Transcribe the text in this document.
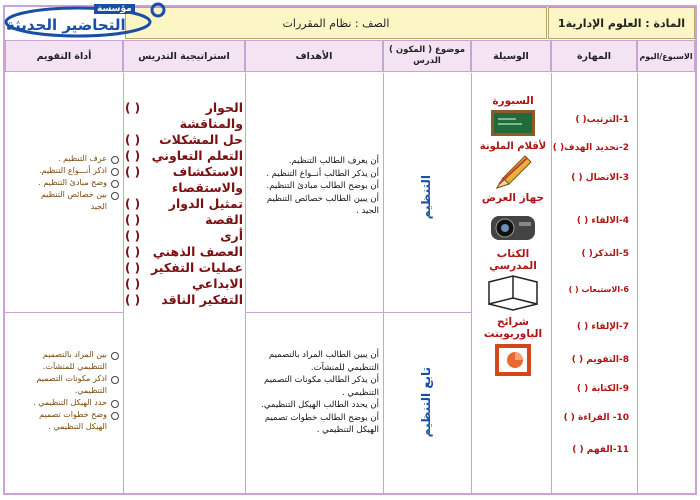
المادة : العلوم الإدارية1
الصف : نظام المقررات
الاسبوع/اليوم
المهارة
الوسيلة
( المكون ) موضوع الدرس
الأهداف
استراتيجية التدريس
أداة التقويم
عرف التنظيم .
اذكر أنـــواع التنظيم.
وضح مبادئ التنظيم .
بين خصائص التنظيم
الجيد
بين المراد بالتصميم
التنظيمي للمنشآت.
اذكر مكونات التصميم
التنظيمي.
حدد الهيكل التنظيمي .
وضح خطوات تصميم
الهيكل التنظيمي .
الحوار
( )
والمناقشة
حل المشكلات
( )
التعلم التعاوني
( )
الاستكشاف
( )
والاستقصاء
تمثيل الدوار
( )
القصة
( )
أرى
( )
العصف الذهني
( )
عمليات التفكير
( )
الابداعي
( )
التفكير الناقد
( )
أن يعرف الطالب التنظيم.
أن يذكر الطالب أنــواع التنظيم .
أن يوضح الطالب مبادئ التنظيم.
أن يبين الطالب خصائص التنظيم الجيد .
أن يبين الطالب المراد بالتصميم
التنظيمي للمنشآت.
أن يذكر الطالب مكونات التصميم
التنظيمي .
أن يحدد الطالب الهيكل التنظيمي.
أن يوضح الطالب خطوات تصميم
الهيكل التنظيمي .
التنظيم
تابع التنظيم
السبورة
لأقلام الملونة
جهاز العرض
الكتاب المدرسي
شرائح
الباوربوينت
1-الترتيب( )
2-تحديد الهدف( )
3-الاتصال ( )
4-الالقاء ( )
5-التذكر( )
6-الاستيعاب ( )
7-الإلقاء ( )
8-التقويم ( )
9-الكتابة ( )
10- القراءة ( )
11-الفهم ( )
مؤسسة
التحاضير الحديثة
